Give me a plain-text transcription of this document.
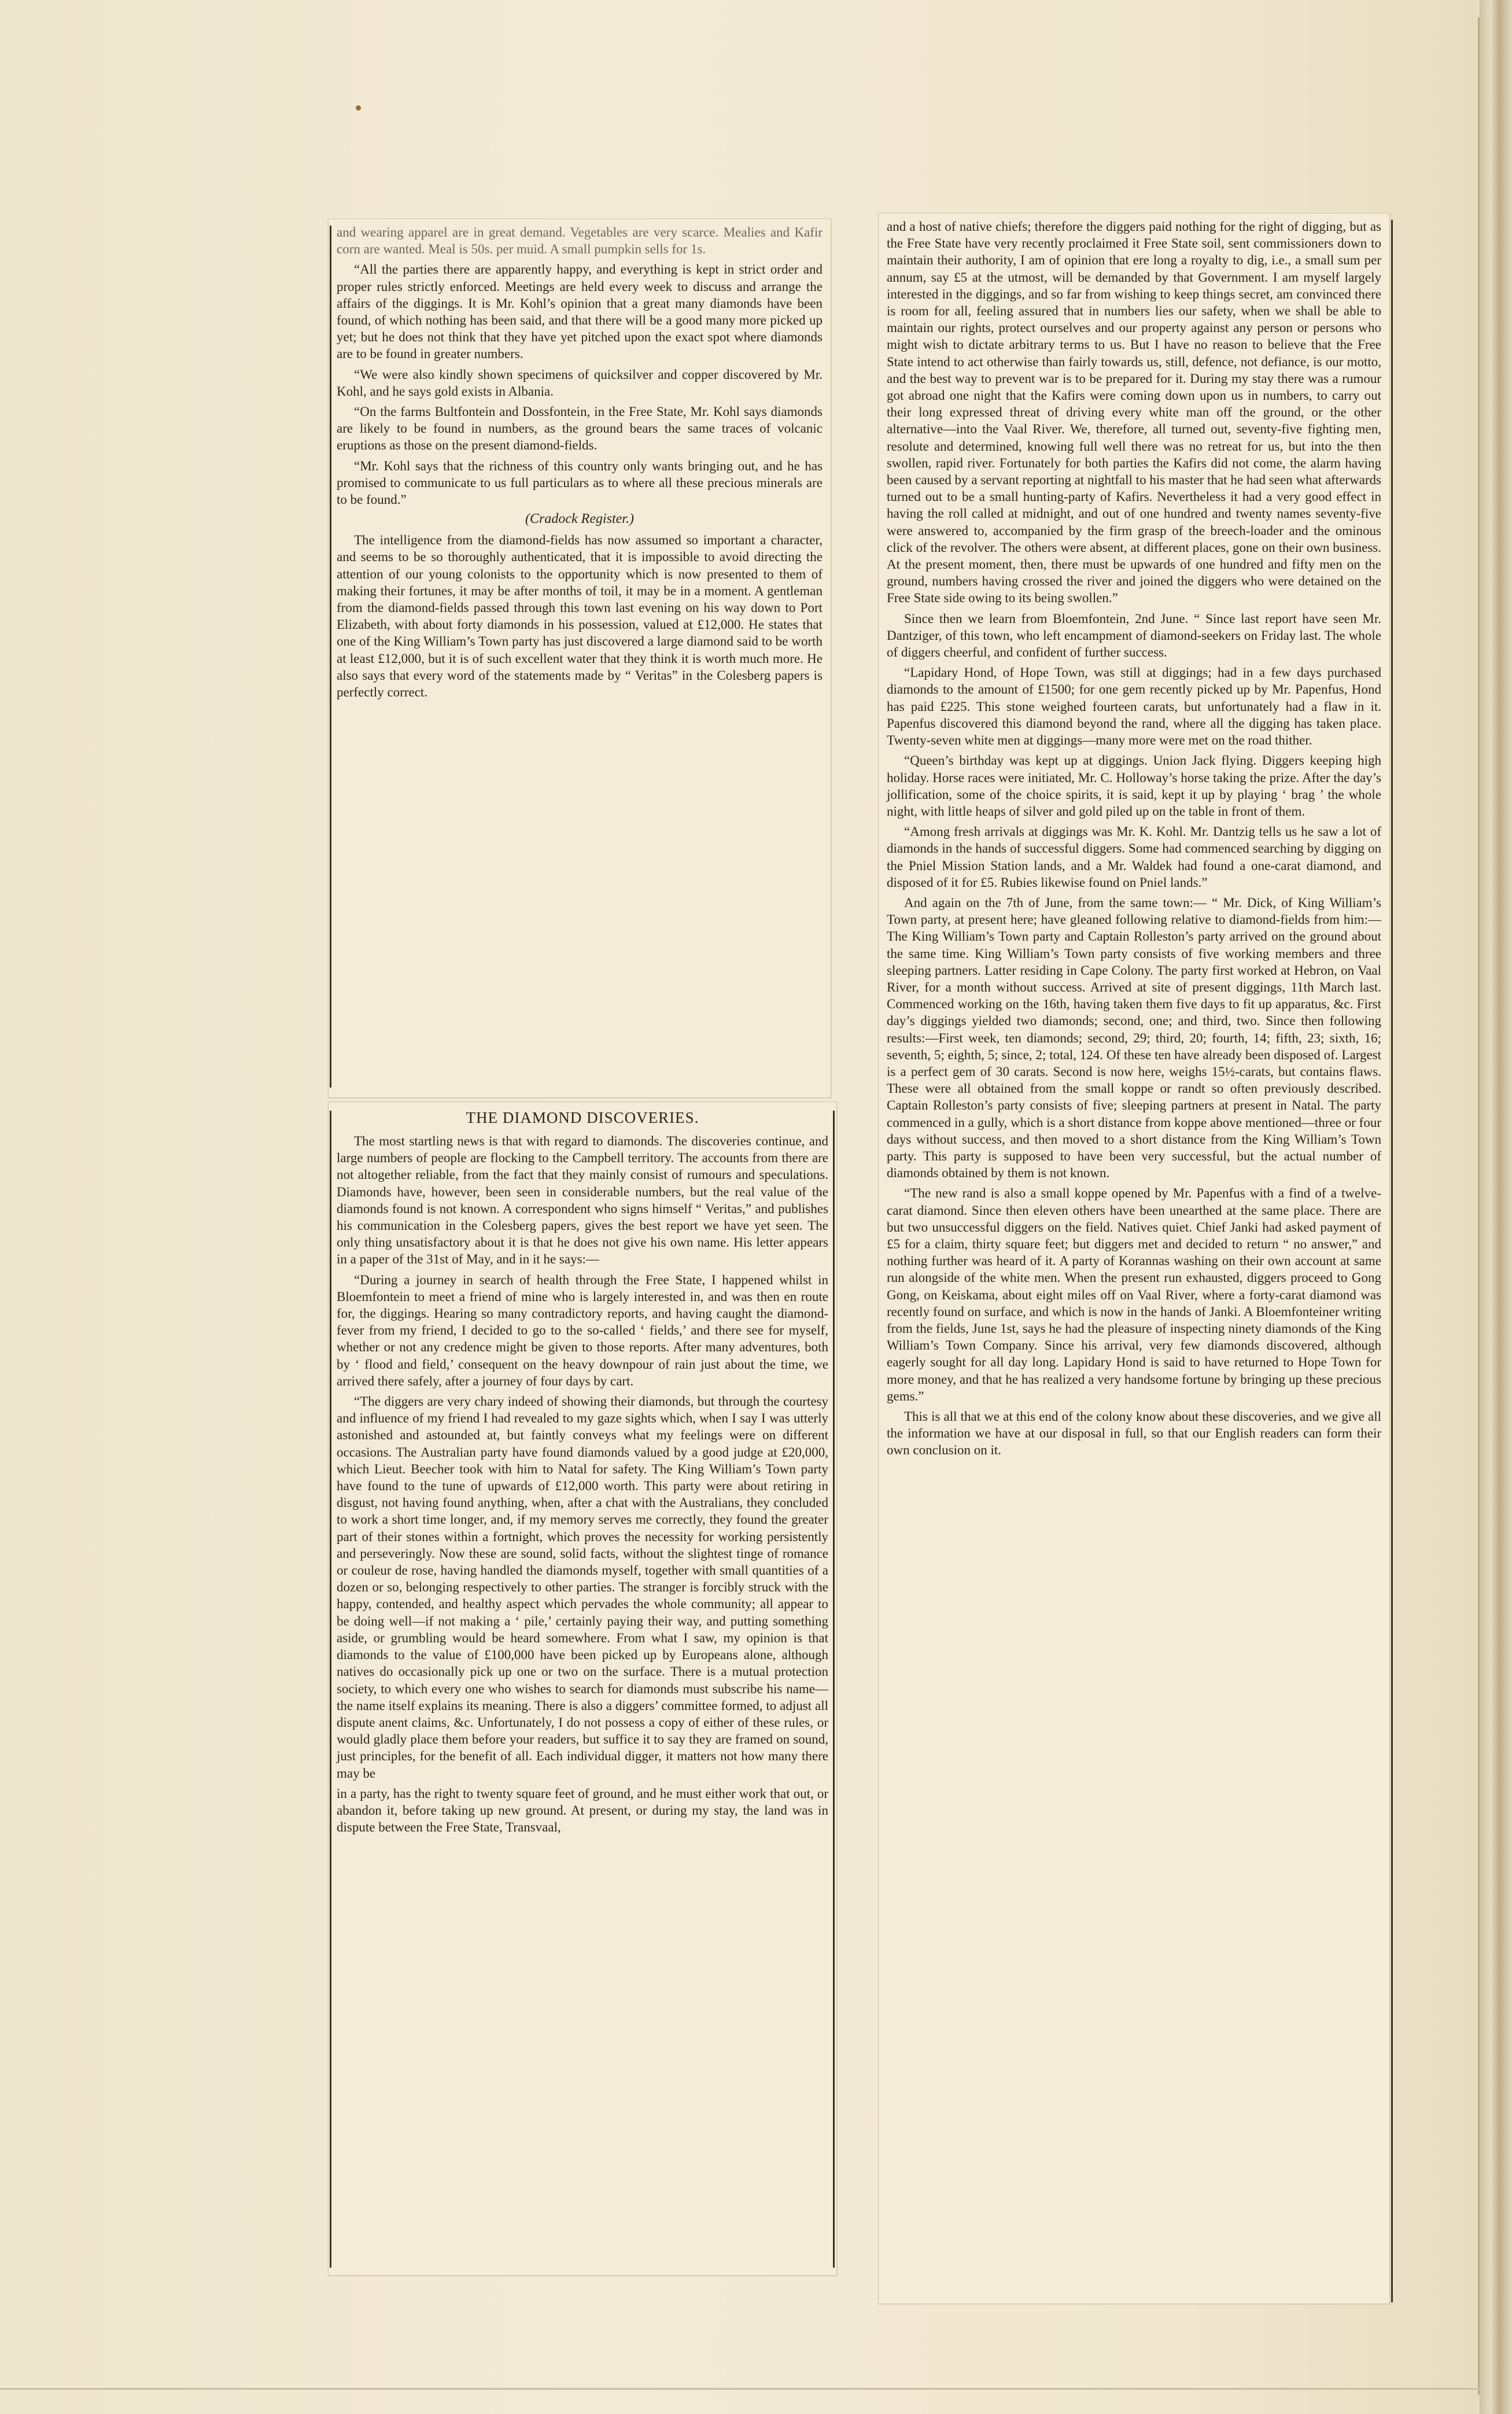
and wearing apparel are in great demand. Vegetables are very scarce. Mealies and Kafir corn are wanted. Meal is 50s. per muid. A small pumpkin sells for 1s.

“All the parties there are apparently happy, and everything is kept in strict order and proper rules strictly enforced. Meetings are held every week to discuss and arrange the affairs of the diggings. It is Mr. Kohl’s opinion that a great many diamonds have been found, of which nothing has been said, and that there will be a good many more picked up yet; but he does not think that they have yet pitched upon the exact spot where diamonds are to be found in greater numbers.

“We were also kindly shown specimens of quicksilver and copper discovered by Mr. Kohl, and he says gold exists in Albania.

“On the farms Bultfontein and Dossfontein, in the Free State, Mr. Kohl says diamonds are likely to be found in numbers, as the ground bears the same traces of volcanic eruptions as those on the present diamond-fields.

“Mr. Kohl says that the richness of this country only wants bringing out, and he has promised to communicate to us full particulars as to where all these precious minerals are to be found.”

(Cradock Register.)

The intelligence from the diamond-fields has now assumed so important a character, and seems to be so thoroughly authenticated, that it is impossible to avoid directing the attention of our young colonists to the opportunity which is now presented to them of making their fortunes, it may be after months of toil, it may be in a moment. A gentleman from the diamond-fields passed through this town last evening on his way down to Port Elizabeth, with about forty diamonds in his possession, valued at £12,000. He states that one of the King William’s Town party has just discovered a large diamond said to be worth at least £12,000, but it is of such excellent water that they think it is worth much more. He also says that every word of the statements made by “ Veritas” in the Colesberg papers is perfectly correct.

THE DIAMOND DISCOVERIES.

The most startling news is that with regard to diamonds. The discoveries continue, and large numbers of people are flocking to the Campbell territory. The accounts from there are not altogether reliable, from the fact that they mainly consist of rumours and speculations. Diamonds have, however, been seen in considerable numbers, but the real value of the diamonds found is not known. A correspondent who signs himself “ Veritas,” and publishes his communication in the Colesberg papers, gives the best report we have yet seen. The only thing unsatisfactory about it is that he does not give his own name. His letter appears in a paper of the 31st of May, and in it he says:—

“During a journey in search of health through the Free State, I happened whilst in Bloemfontein to meet a friend of mine who is largely interested in, and was then en route for, the diggings. Hearing so many contradictory reports, and having caught the diamond-fever from my friend, I decided to go to the so-called ‘ fields,’ and there see for myself, whether or not any credence might be given to those reports. After many adventures, both by ‘ flood and field,’ consequent on the heavy downpour of rain just about the time, we arrived there safely, after a journey of four days by cart.

“The diggers are very chary indeed of showing their diamonds, but through the courtesy and influence of my friend I had revealed to my gaze sights which, when I say I was utterly astonished and astounded at, but faintly conveys what my feelings were on different occasions. The Australian party have found diamonds valued by a good judge at £20,000, which Lieut. Beecher took with him to Natal for safety. The King William’s Town party have found to the tune of upwards of £12,000 worth. This party were about retiring in disgust, not having found anything, when, after a chat with the Australians, they concluded to work a short time longer, and, if my memory serves me correctly, they found the greater part of their stones within a fortnight, which proves the necessity for working persistently and perseveringly. Now these are sound, solid facts, without the slightest tinge of romance or couleur de rose, having handled the diamonds myself, together with small quantities of a dozen or so, belonging respectively to other parties. The stranger is forcibly struck with the happy, contended, and healthy aspect which pervades the whole community; all appear to be doing well—if not making a ‘ pile,’ certainly paying their way, and putting something aside, or grumbling would be heard somewhere. From what I saw, my opinion is that diamonds to the value of £100,000 have been picked up by Europeans alone, although natives do occasionally pick up one or two on the surface. There is a mutual protection society, to which every one who wishes to search for diamonds must subscribe his name—the name itself explains its meaning. There is also a diggers’ committee formed, to adjust all dispute anent claims, &c. Unfortunately, I do not possess a copy of either of these rules, or would gladly place them before your readers, but suffice it to say they are framed on sound, just principles, for the benefit of all. Each individual digger, it matters not how many there may be

in a party, has the right to twenty square feet of ground, and he must either work that out, or abandon it, before taking up new ground. At present, or during my stay, the land was in dispute between the Free State, Transvaal,

and a host of native chiefs; therefore the diggers paid nothing for the right of digging, but as the Free State have very recently proclaimed it Free State soil, sent commissioners down to maintain their authority, I am of opinion that ere long a royalty to dig, i.e., a small sum per annum, say £5 at the utmost, will be demanded by that Government. I am myself largely interested in the diggings, and so far from wishing to keep things secret, am convinced there is room for all, feeling assured that in numbers lies our safety, when we shall be able to maintain our rights, protect ourselves and our property against any person or persons who might wish to dictate arbitrary terms to us. But I have no reason to believe that the Free State intend to act otherwise than fairly towards us, still, defence, not defiance, is our motto, and the best way to prevent war is to be prepared for it. During my stay there was a rumour got abroad one night that the Kafirs were coming down upon us in numbers, to carry out their long expressed threat of driving every white man off the ground, or the other alternative—into the Vaal River. We, therefore, all turned out, seventy-five fighting men, resolute and determined, knowing full well there was no retreat for us, but into the then swollen, rapid river. Fortunately for both parties the Kafirs did not come, the alarm having been caused by a servant reporting at nightfall to his master that he had seen what afterwards turned out to be a small hunting-party of Kafirs. Nevertheless it had a very good effect in having the roll called at midnight, and out of one hundred and twenty names seventy-five were answered to, accompanied by the firm grasp of the breech-loader and the ominous click of the revolver. The others were absent, at different places, gone on their own business. At the present moment, then, there must be upwards of one hundred and fifty men on the ground, numbers having crossed the river and joined the diggers who were detained on the Free State side owing to its being swollen.”

Since then we learn from Bloemfontein, 2nd June. “ Since last report have seen Mr. Dantziger, of this town, who left encampment of diamond-seekers on Friday last. The whole of diggers cheerful, and confident of further success.

“Lapidary Hond, of Hope Town, was still at diggings; had in a few days purchased diamonds to the amount of £1500; for one gem recently picked up by Mr. Papenfus, Hond has paid £225. This stone weighed fourteen carats, but unfortunately had a flaw in it. Papenfus discovered this diamond beyond the rand, where all the digging has taken place. Twenty-seven white men at diggings—many more were met on the road thither.

“Queen’s birthday was kept up at diggings. Union Jack flying. Diggers keeping high holiday. Horse races were initiated, Mr. C. Holloway’s horse taking the prize. After the day’s jollification, some of the choice spirits, it is said, kept it up by playing ‘ brag ’ the whole night, with little heaps of silver and gold piled up on the table in front of them.

“Among fresh arrivals at diggings was Mr. K. Kohl. Mr. Dantzig tells us he saw a lot of diamonds in the hands of successful diggers. Some had commenced searching by digging on the Pniel Mission Station lands, and a Mr. Waldek had found a one-carat diamond, and disposed of it for £5. Rubies likewise found on Pniel lands.”

And again on the 7th of June, from the same town:— “ Mr. Dick, of King William’s Town party, at present here; have gleaned following relative to diamond-fields from him:—The King William’s Town party and Captain Rolleston’s party arrived on the ground about the same time. King William’s Town party consists of five working members and three sleeping partners. Latter residing in Cape Colony. The party first worked at Hebron, on Vaal River, for a month without success. Arrived at site of present diggings, 11th March last. Commenced working on the 16th, having taken them five days to fit up apparatus, &c. First day’s diggings yielded two diamonds; second, one; and third, two. Since then following results:—First week, ten diamonds; second, 29; third, 20; fourth, 14; fifth, 23; sixth, 16; seventh, 5; eighth, 5; since, 2; total, 124. Of these ten have already been disposed of. Largest is a perfect gem of 30 carats. Second is now here, weighs 15½-carats, but contains flaws. These were all obtained from the small koppe or randt so often previously described. Captain Rolleston’s party consists of five; sleeping partners at present in Natal. The party commenced in a gully, which is a short distance from koppe above mentioned—three or four days without success, and then moved to a short distance from the King William’s Town party. This party is supposed to have been very successful, but the actual number of diamonds obtained by them is not known.

“The new rand is also a small koppe opened by Mr. Papenfus with a find of a twelve-carat diamond. Since then eleven others have been unearthed at the same place. There are but two unsuccessful diggers on the field. Natives quiet. Chief Janki had asked payment of £5 for a claim, thirty square feet; but diggers met and decided to return “ no answer,” and nothing further was heard of it. A party of Korannas washing on their own account at same run alongside of the white men. When the present run exhausted, diggers proceed to Gong Gong, on Keiskama, about eight miles off on Vaal River, where a forty-carat diamond was recently found on surface, and which is now in the hands of Janki. A Bloemfonteiner writing from the fields, June 1st, says he had the pleasure of inspecting ninety diamonds of the King William’s Town Company. Since his arrival, very few diamonds discovered, although eagerly sought for all day long. Lapidary Hond is said to have returned to Hope Town for more money, and that he has realized a very handsome fortune by bringing up these precious gems.”

This is all that we at this end of the colony know about these discoveries, and we give all the information we have at our disposal in full, so that our English readers can form their own conclusion on it.
